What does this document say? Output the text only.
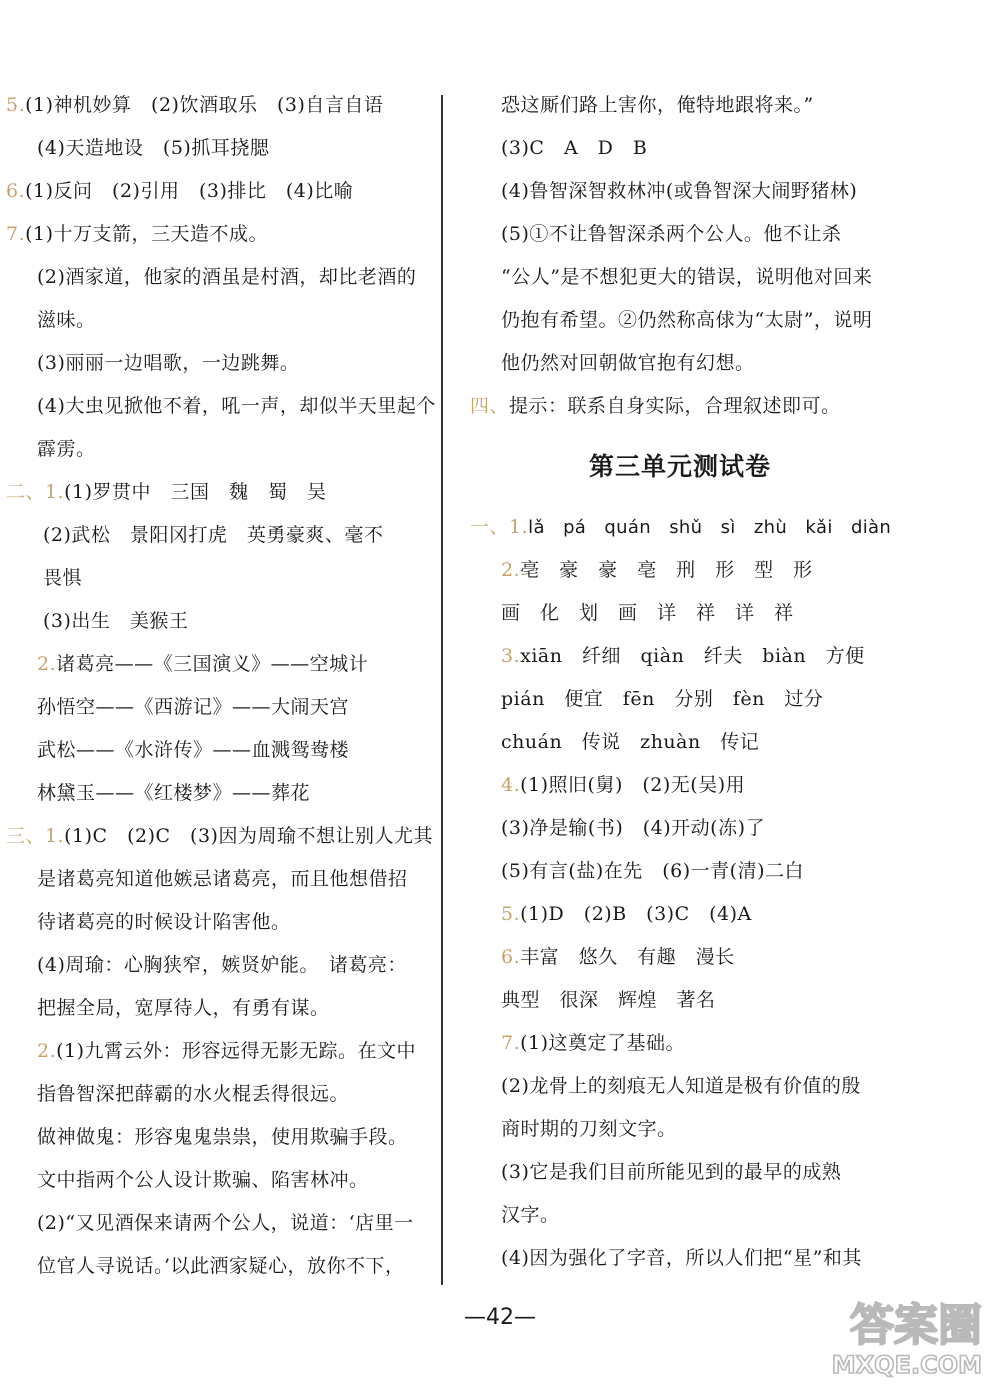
5.(1)神机妙算　(2)饮酒取乐　(3)自言自语
(4)天造地设　(5)抓耳挠腮
6.(1)反问　(2)引用　(3)排比　(4)比喻
7.(1)十万支箭，三天造不成。
(2)酒家道，他家的酒虽是村酒，却比老酒的
滋味。
(3)丽丽一边唱歌，一边跳舞。
(4)大虫见掀他不着，吼一声，却似半天里起个
霹雳。
二、1.(1)罗贯中　三国　魏　蜀　吴
(2)武松　景阳冈打虎　英勇豪爽、毫不
畏惧
(3)出生　美猴王
2.诸葛亮——《三国演义》——空城计
孙悟空——《西游记》——大闹天宫
武松——《水浒传》——血溅鸳鸯楼
林黛玉——《红楼梦》——葬花
三、1.(1)C　(2)C　(3)因为周瑜不想让别人尤其
是诸葛亮知道他嫉忌诸葛亮，而且他想借招
待诸葛亮的时候设计陷害他。
(4)周瑜：心胸狭窄，嫉贤妒能。　诸葛亮：
把握全局，宽厚待人，有勇有谋。
2.(1)九霄云外：形容远得无影无踪。在文中
指鲁智深把薛霸的水火棍丢得很远。
做神做鬼：形容鬼鬼祟祟，使用欺骗手段。
文中指两个公人设计欺骗、陷害林冲。
(2)“又见酒保来请两个公人，说道：‘店里一
位官人寻说话。’以此洒家疑心，放你不下，
恐这厮们路上害你，俺特地跟将来。”
(3)C　A　D　B
(4)鲁智深智救林冲(或鲁智深大闹野猪林)
(5)①不让鲁智深杀两个公人。他不让杀
“公人”是不想犯更大的错误，说明他对回来
仍抱有希望。②仍然称高俅为“太尉”，说明
他仍然对回朝做官抱有幻想。
四、提示：联系自身实际，合理叙述即可。
第三单元测试卷
一、1.lǎ　pá　quán　shǔ　sì　zhù　kǎi　diàn
2.亳　豪　豪　亳　刑　形　型　形
画　化　划　画　详　祥　详　祥
3.xiān　纤细　qiàn　纤夫　biàn　方便
pián　便宜　fēn　分别　fèn　过分
chuán　传说　zhuàn　传记
4.(1)照旧(舅)　(2)无(吴)用
(3)净是输(书)　(4)开动(冻)了
(5)有言(盐)在先　(6)一青(清)二白
5.(1)D　(2)B　(3)C　(4)A
6.丰富　悠久　有趣　漫长
典型　很深　辉煌　著名
7.(1)这奠定了基础。
(2)龙骨上的刻痕无人知道是极有价值的殷
商时期的刀刻文字。
(3)它是我们目前所能见到的最早的成熟
汉字。
(4)因为强化了字音，所以人们把“星”和其
—42—	答案圈
MXQE.COM
